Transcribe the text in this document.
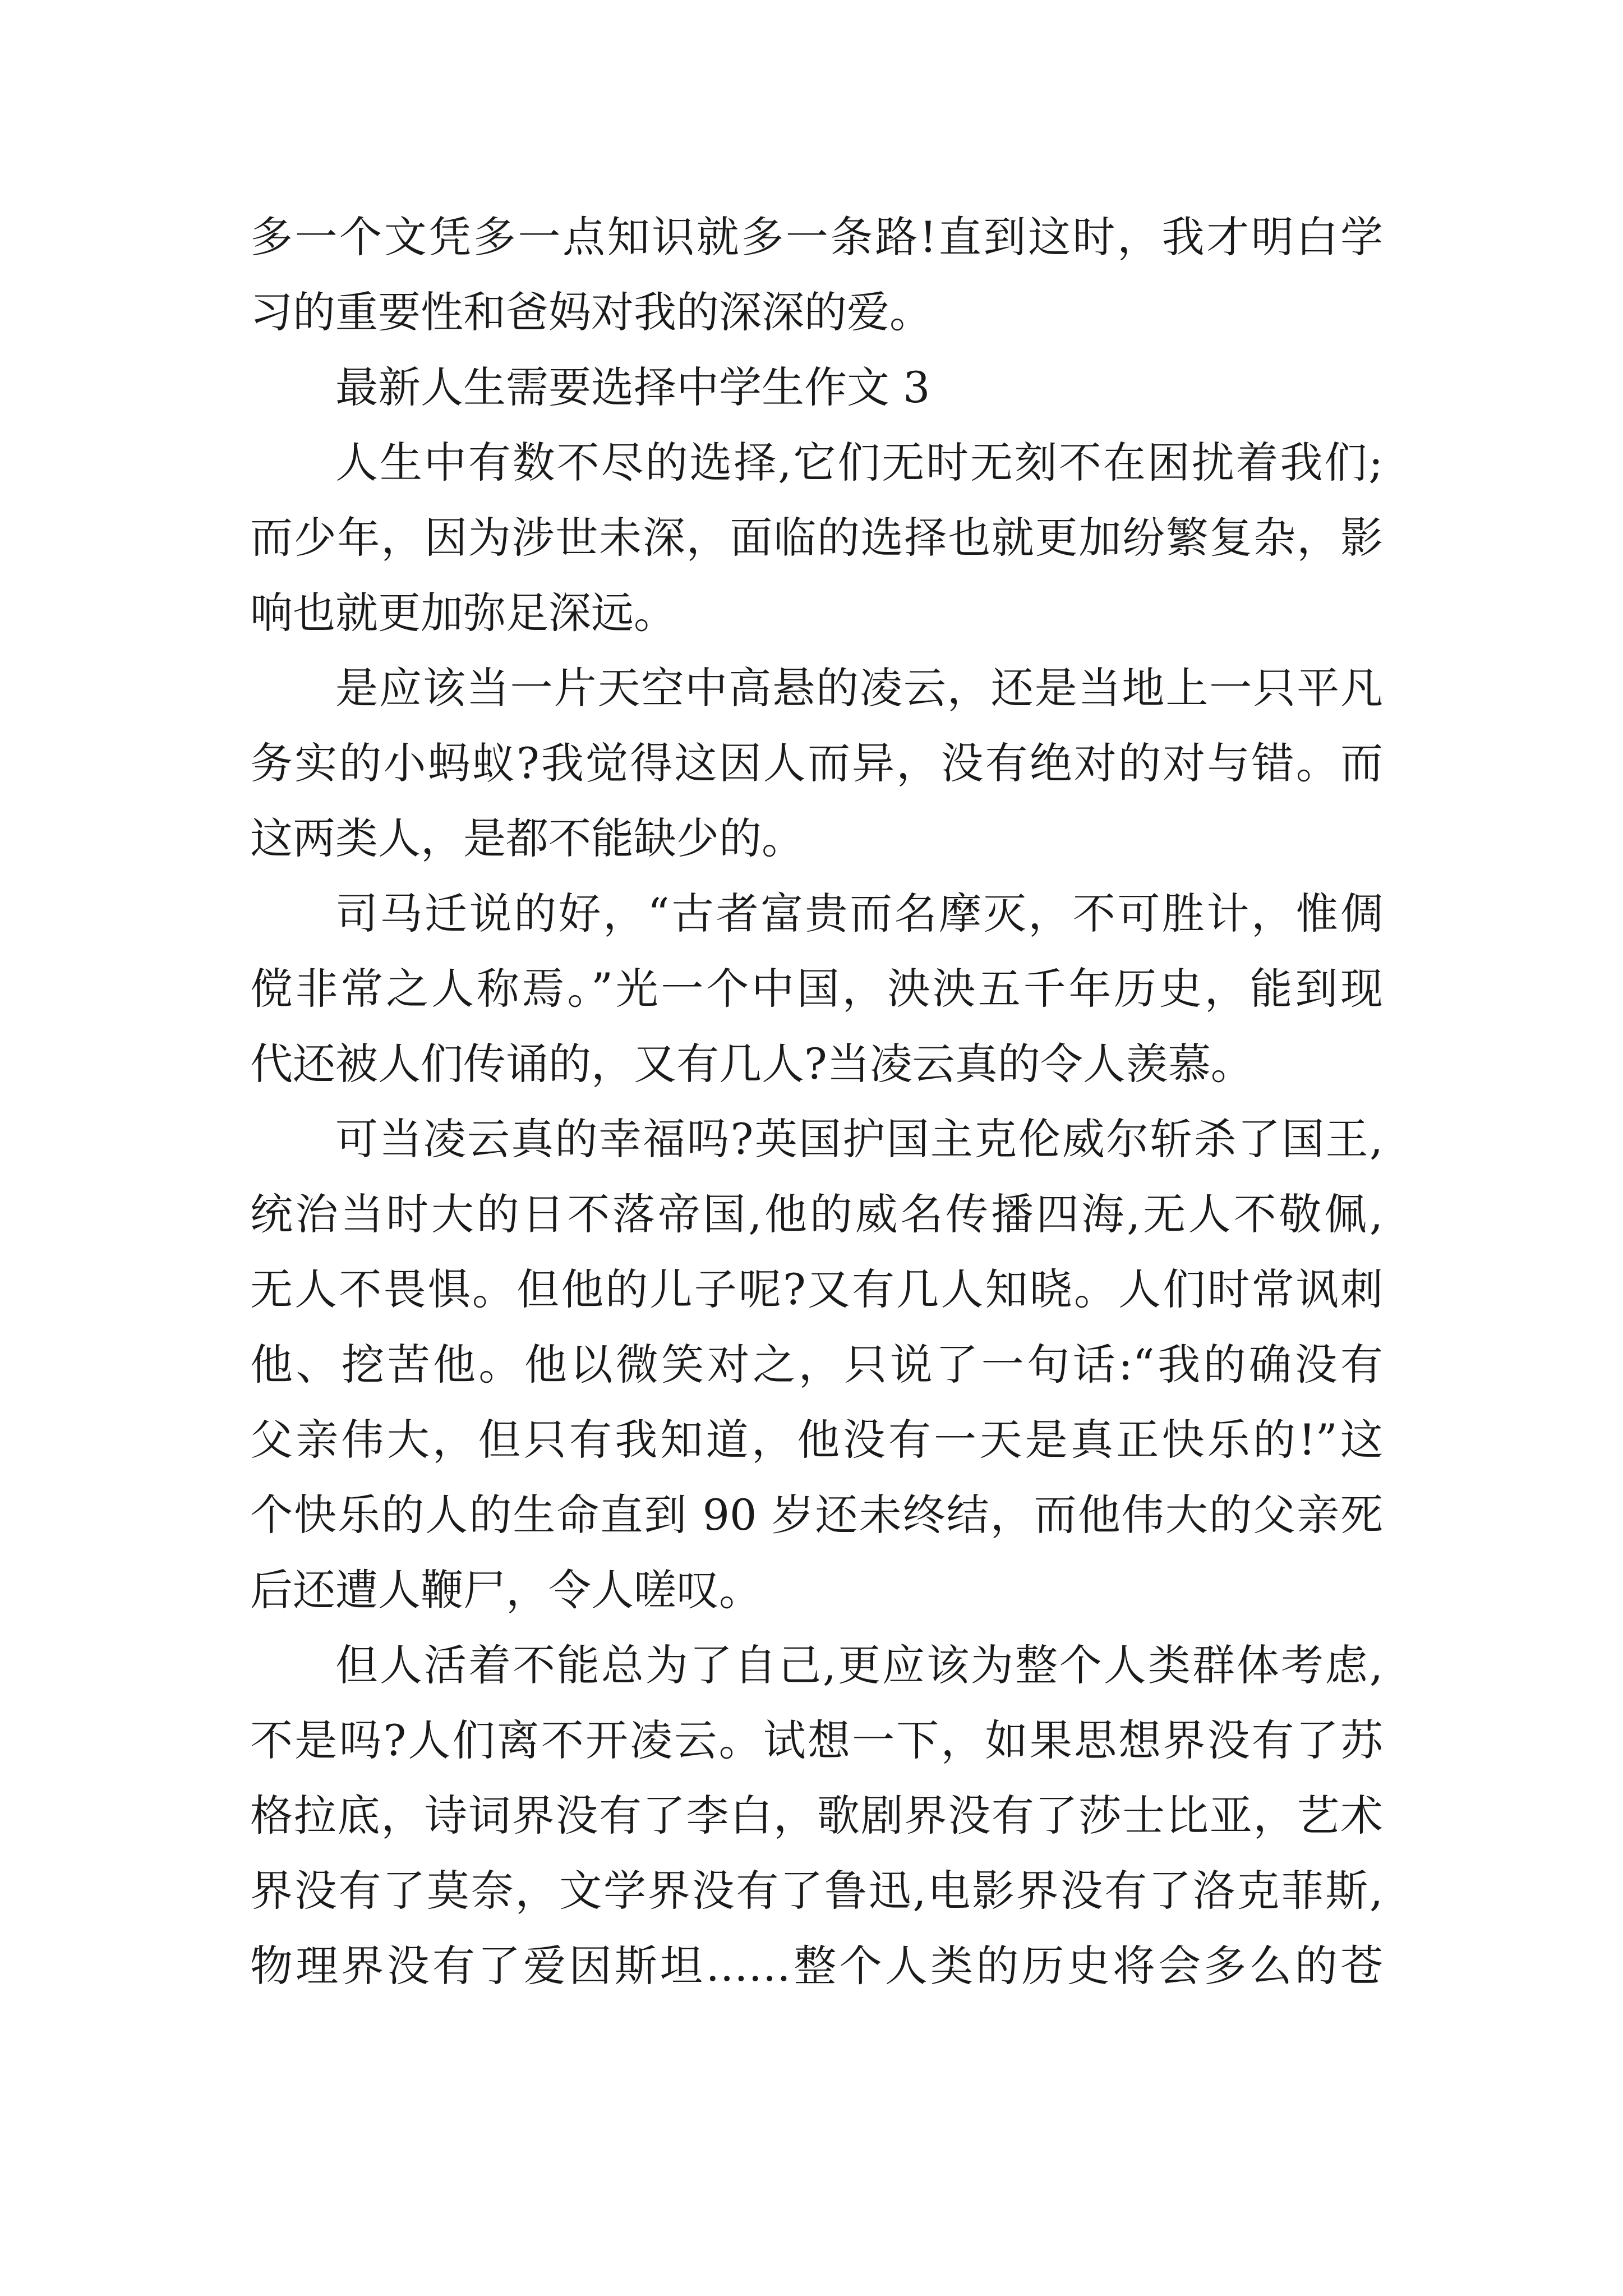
多一个文凭多一点知识就多一条路!直到这时，我才明白学
习的重要性和爸妈对我的深深的爱。
最新人生需要选择中学生作文 3
人生中有数不尽的选择,它们无时无刻不在困扰着我们;
而少年，因为涉世未深，面临的选择也就更加纷繁复杂，影
响也就更加弥足深远。
是应该当一片天空中高悬的凌云，还是当地上一只平凡
务实的小蚂蚁?我觉得这因人而异，没有绝对的对与错。而
这两类人，是都不能缺少的。
司马迁说的好，“古者富贵而名摩灭，不可胜计，惟倜
傥非常之人称焉。”光一个中国，泱泱五千年历史，能到现
代还被人们传诵的，又有几人?当凌云真的令人羡慕。
可当凌云真的幸福吗?英国护国主克伦威尔斩杀了国王,
统治当时大的日不落帝国,他的威名传播四海,无人不敬佩,
无人不畏惧。但他的儿子呢?又有几人知晓。人们时常讽刺
他、挖苦他。他以微笑对之，只说了一句话:“我的确没有
父亲伟大，但只有我知道，他没有一天是真正快乐的!”这
个快乐的人的生命直到 90 岁还未终结，而他伟大的父亲死
后还遭人鞭尸，令人嗟叹。
但人活着不能总为了自己,更应该为整个人类群体考虑,
不是吗?人们离不开凌云。试想一下，如果思想界没有了苏
格拉底，诗词界没有了李白，歌剧界没有了莎士比亚，艺术
界没有了莫奈，文学界没有了鲁迅,电影界没有了洛克菲斯,
物理界没有了爱因斯坦……整个人类的历史将会多么的苍
